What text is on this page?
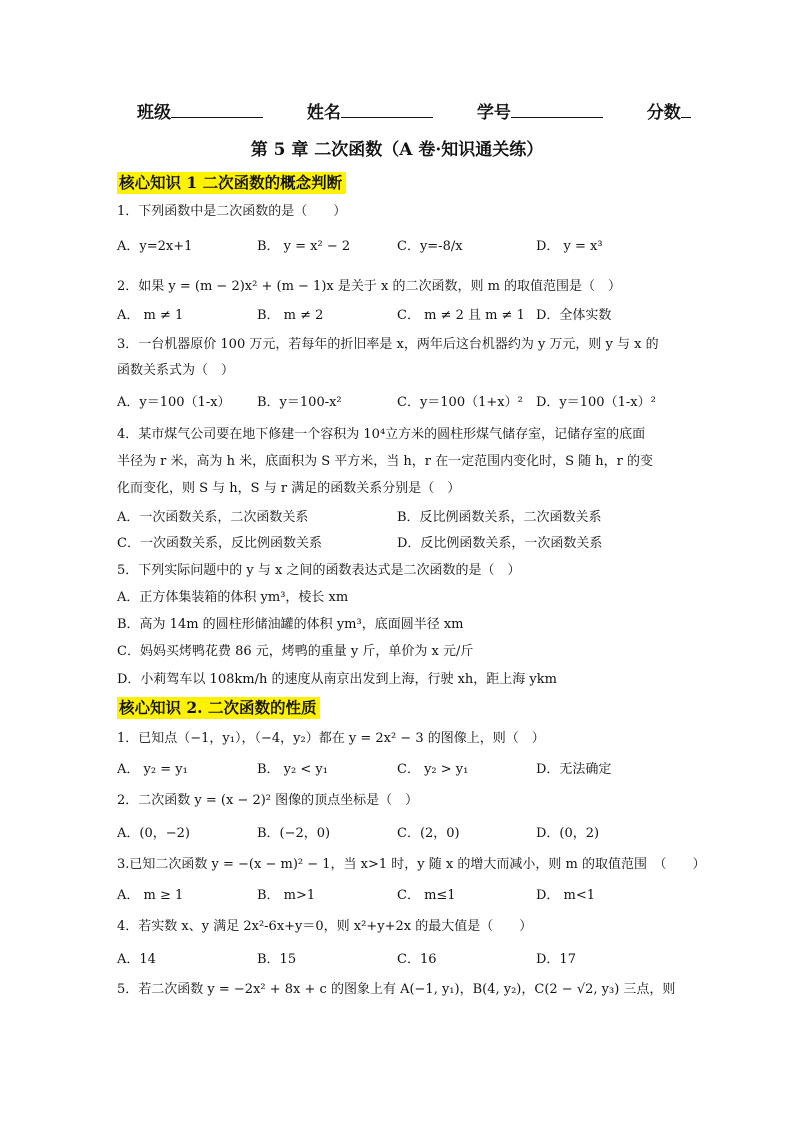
班级	姓名	学号	分数
第 5 章 二次函数（A 卷·知识通关练）
核心知识 1 二次函数的概念判断
1．下列函数中是二次函数的是（　　）
A．y=2x+1	B． y = x² − 2	C．y=-8/x	D． y = x³
2．如果 y = (m − 2)x² + (m − 1)x 是关于 x 的二次函数，则 m 的取值范围是（　）
A． m ≠ 1	B． m ≠ 2	C． m ≠ 2 且 m ≠ 1 D．全体实数
3．一台机器原价 100 万元，若每年的折旧率是 x，两年后这台机器约为 y 万元，则 y 与 x 的
函数关系式为（　）
A．y＝100（1-x） B．y＝100-x²	C．y＝100（1+x）² D．y＝100（1-x）²
4．某市煤气公司要在地下修建一个容积为 10⁴立方米的圆柱形煤气储存室，记储存室的底面
半径为 r 米，高为 h 米，底面积为 S 平方米，当 h，r 在一定范围内变化时，S 随 h，r 的变
化而变化，则 S 与 h，S 与 r 满足的函数关系分别是（　）
A．一次函数关系，二次函数关系	B．反比例函数关系，二次函数关系
C．一次函数关系，反比例函数关系	D．反比例函数关系，一次函数关系
5．下列实际问题中的 y 与 x 之间的函数表达式是二次函数的是（　）
A．正方体集装箱的体积 ym³，棱长 xm
B．高为 14m 的圆柱形储油罐的体积 ym³，底面圆半径 xm
C．妈妈买烤鸭花费 86 元，烤鸭的重量 y 斤，单价为 x 元/斤
D．小莉驾车以 108km/h 的速度从南京出发到上海，行驶 xh，距上海 ykm
核心知识 2. 二次函数的性质
1．已知点（−1，y₁），（−4，y₂）都在 y = 2x² − 3 的图像上，则（　）
A． y₂ = y₁	B． y₂ < y₁	C． y₂ > y₁	D．无法确定
2．二次函数 y = (x − 2)² 图像的顶点坐标是（　）
A．(0，−2)	B．(−2，0)	C．(2，0)	D．(0，2)
3.已知二次函数 y = −(x − m)² − 1，当 x>1 时，y 随 x 的增大而减小，则 m 的取值范围　（　　）
A． m ≥ 1	B． m>1	C． m≤1	D． m<1
4．若实数 x、y 满足 2x²-6x+y＝0，则 x²+y+2x 的最大值是（　　）
A．14	B．15	C．16	D．17
5．若二次函数 y = −2x² + 8x + c 的图象上有 A(−1, y₁)，B(4, y₂)，C(2 − √2, y₃) 三点，则
